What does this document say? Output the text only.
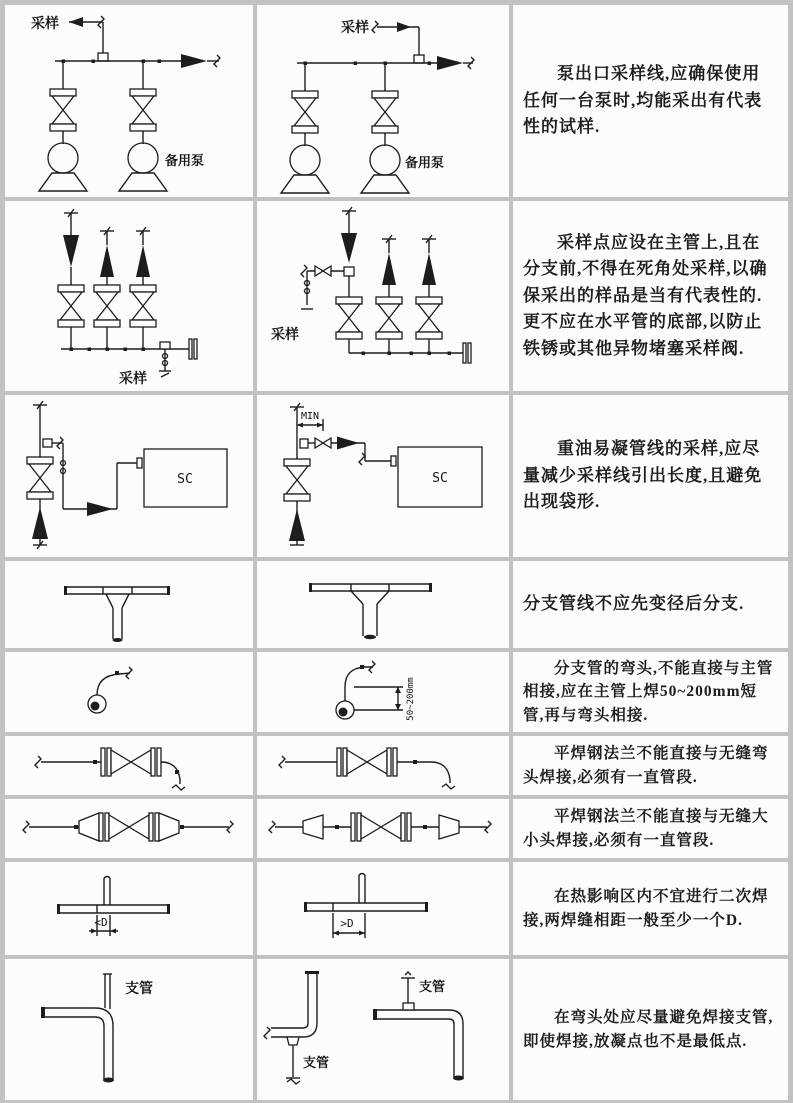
采样
备用泵
采样
备用泵

泵出口采样线,应确保使用任何一台泵时,均能采出有代表性的试样.

采样
采样

采样点应设在主管上,且在分支前,不得在死角处采样,以确保采出的样品是当有代表性的.更不应在水平管的底部,以防止铁锈或其他异物堵塞采样阀.

SC
MIN
SC

重油易凝管线的采样,应尽量减少采样线引出长度,且避免出现袋形.

分支管线不应先变径后分支.

50~200mm

分支管的弯头,不能直接与主管相接,应在主管上焊50~200mm短管,再与弯头相接.

平焊钢法兰不能直接与无缝弯头焊接,必须有一直管段.

平焊钢法兰不能直接与无缝大小头焊接,必须有一直管段.

<D	>D

在热影响区内不宜进行二次焊接,两焊缝相距一般至少一个D.

支管
支管
支管

在弯头处应尽量避免焊接支管,即使焊接,放凝点也不是最低点.
